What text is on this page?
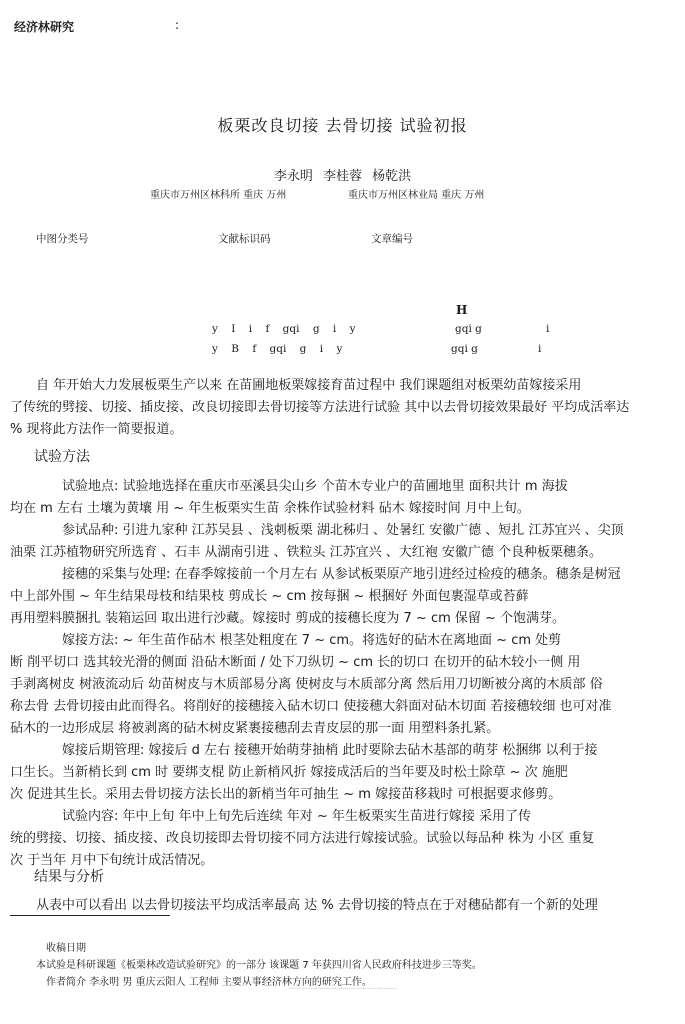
经济林研究	:
板栗改良切接 去骨切接 试验初报
李永明 李桂蓉 杨乾洪
重庆市万州区林科所 重庆 万州	重庆市万州区林业局 重庆 万州
中图分类号	文献标识码	文章编号
H
y I i f gqi g i y	gqi g	i
y B f gqi g i y	gqi g	i
自 年开始大力发展板栗生产以来 在苗圃地板栗嫁接育苗过程中 我们课题组对板栗幼苗嫁接采用
了传统的劈接、切接、插皮接、改良切接即去骨切接等方法进行试验 其中以去骨切接效果最好 平均成活率达
% 现将此方法作一简要报道。
试验方法
试验地点: 试验地选择在重庆市巫溪县尖山乡 个苗木专业户的苗圃地里 面积共计 m 海拔
均在 m 左右 土壤为黄壤 用 ~ 年生板栗实生苗 余株作试验材料 砧木 嫁接时间 月中上旬。
参试品种: 引进九家种 江苏吴县 、浅刺板栗 湖北秭归 、处暑红 安徽广德 、短扎 江苏宜兴 、尖顶
油栗 江苏植物研究所选育 、石丰 从湖南引进 、铁粒头 江苏宜兴 、大红袍 安徽广德 个良种板栗穗条。
接穗的采集与处理: 在春季嫁接前一个月左右 从参试板栗原产地引进经过检疫的穗条。穗条是树冠
中上部外围 ~ 年生结果母枝和结果枝 剪成长 ~ cm 按每捆 ~ 根捆好 外面包裹湿草或苔藓
再用塑料膜捆扎 装箱运回 取出进行沙藏。嫁接时 剪成的接穗长度为 7 ~ cm 保留 ~ 个饱满芽。
嫁接方法: ~ 年生苗作砧木 根茎处粗度在 7 ~ cm。将选好的砧木在离地面 ~ cm 处剪
断 削平切口 选其较光滑的侧面 沿砧木断面 / 处下刀纵切 ~ cm 长的切口 在切开的砧木较小一侧 用
手剥离树皮 树液流动后 幼苗树皮与木质部易分离 使树皮与木质部分离 然后用刀切断被分离的木质部 俗
称去骨 去骨切接由此而得名。将削好的接穗接入砧木切口 使接穗大斜面对砧木切面 若接穗较细 也可对准
砧木的一边形成层 将被剥离的砧木树皮紧裹接穗刮去青皮层的那一面 用塑料条扎紧。
嫁接后期管理: 嫁接后 d 左右 接穗开始萌芽抽梢 此时要除去砧木基部的萌芽 松捆绑 以利于接
口生长。当新梢长到 cm 时 要绑支棍 防止新梢风折 嫁接成活后的当年要及时松土除草 ~ 次 施肥
次 促进其生长。采用去骨切接方法长出的新梢当年可抽生 ~ m 嫁接苗移栽时 可根据要求修剪。
试验内容: 年中上旬 年中上旬先后连续 年对 ~ 年生板栗实生苗进行嫁接 采用了传
统的劈接、切接、插皮接、改良切接即去骨切接不同方法进行嫁接试验。试验以每品种 株为 小区 重复
次 于当年 月中下旬统计成活情况。
结果与分析
从表中可以看出 以去骨切接法平均成活率最高 达 % 去骨切接的特点在于对穗砧都有一个新的处理
收稿日期
本试验是科研课题《板栗林改造试验研究》的一部分 该课题 7 年获四川省人民政府科技进步三等奖。
作者简介 李永明 男 重庆云阳人 工程师 主要从事经济林方向的研究工作。
© 1994-2013 China Academic Journal Electronic Publishing House. All rights reserved. http://www.cnki.net
